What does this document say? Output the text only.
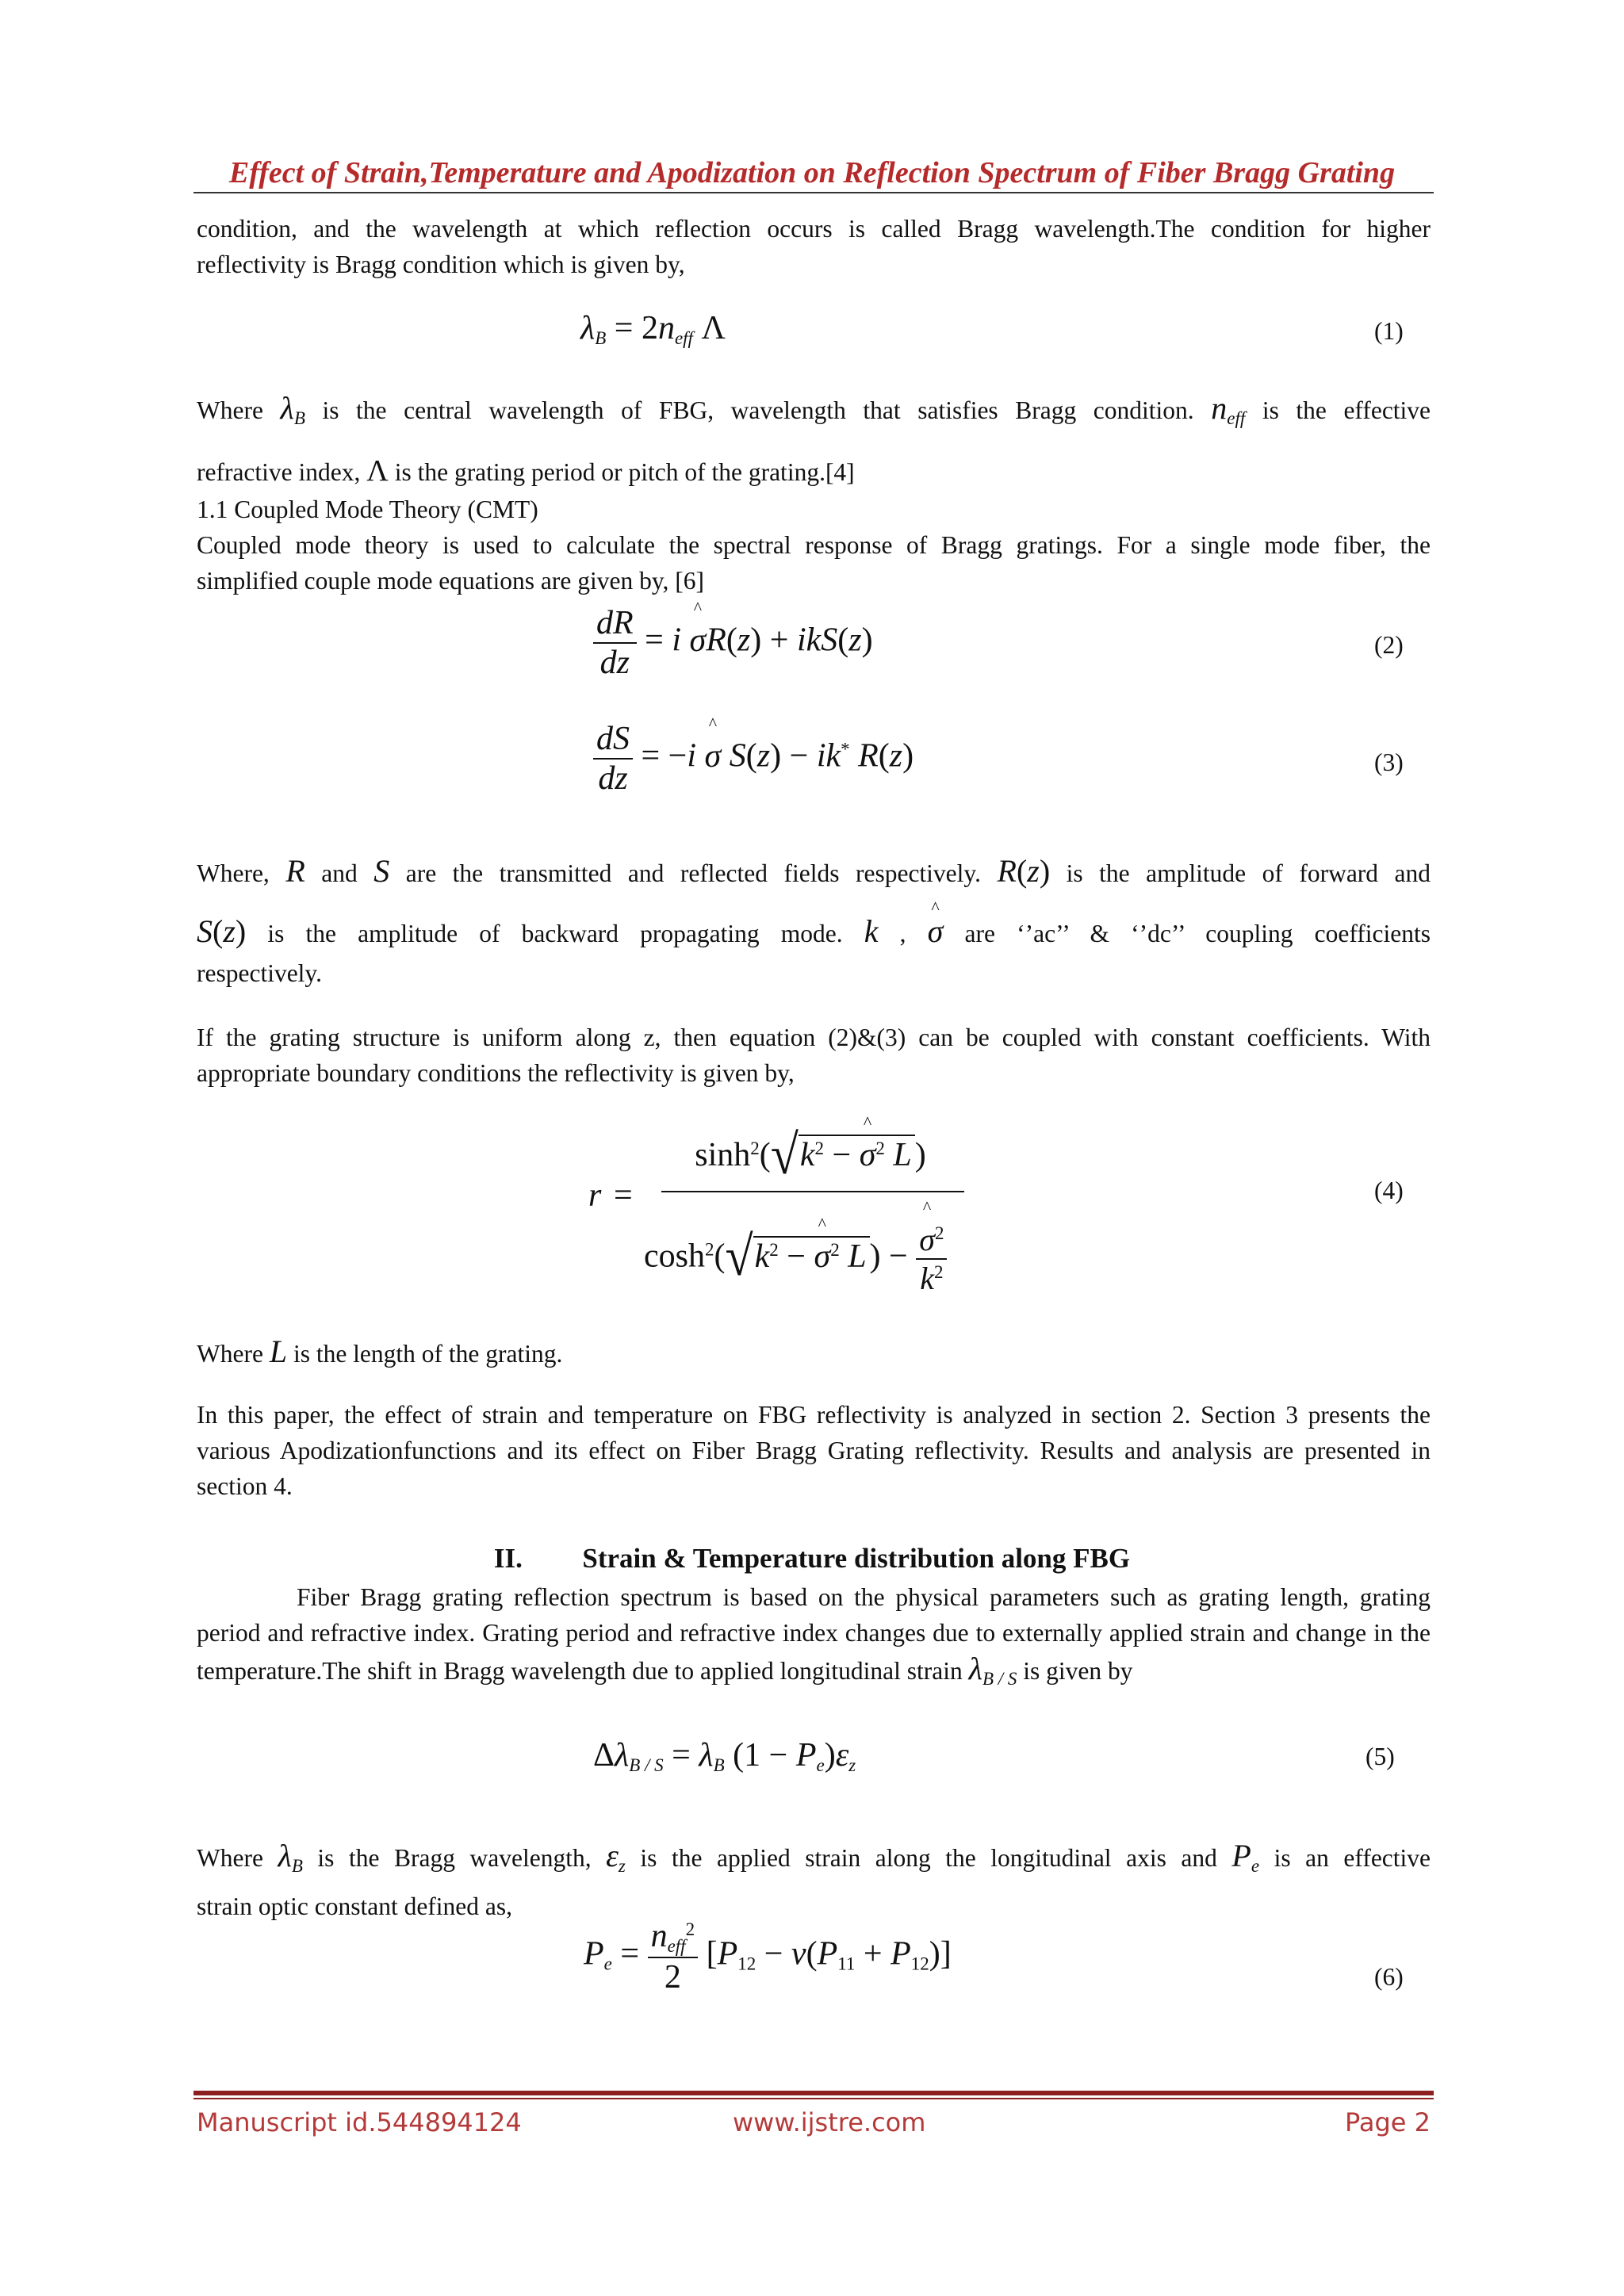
Effect of Strain,Temperature and Apodization on Reflection Spectrum of Fiber Bragg Grating
condition, and the wavelength at which reflection occurs is called Bragg wavelength.The condition for higher
reflectivity is Bragg condition which is given by,
$\lambda_B = 2n_{eff}$ Λ	(1)
Where $\lambda_B$ is the central wavelength of FBG, wavelength that satisfies Bragg condition. $n_{eff}$ is the effective
refractive index, Λ is the grating period or pitch of the grating.[4]
1.1 Coupled Mode Theory (CMT)
Coupled mode theory is used to calculate the spectral response of Bragg gratings. For a single mode fiber, the
simplified couple mode equations are given by, [6]
$\frac{dR}{dz} = i$ ^ σR(z) + ikS(z)	(2)
$\frac{dS}{dz} = -i$ ^ σ S(z) − ik* R(z)	(3)
Where, R and S are the transmitted and reflected fields respectively. R(z) is the amplitude of forward and
S(z) is the amplitude of backward propagating mode. k , ^ σ are ‘’ac’’ & ‘’dc’’ coupling coefficients
respectively.
If the grating structure is uniform along z, then equation (2)&(3) can be coupled with constant coefficients. With appropriate boundary conditions the reflectivity is given by,
r =
$\sinh^2(√k^2$ − ^ $\sigma^2$ L)
$\cosh^2(√k^2$ − ^ $\sigma^2$ L) − ^ $\frac{\sigma^2}{k^2}$
(4)
Where L is the length of the grating.
In this paper, the effect of strain and temperature on FBG reflectivity is analyzed in section 2. Section 3 presents the various Apodizationfunctions and its effect on Fiber Bragg Grating reflectivity. Results and analysis are presented in section 4.
II. Strain & Temperature distribution along FBG
Fiber Bragg grating reflection spectrum is based on the physical parameters such as grating length, grating period and refractive index. Grating period and refractive index changes due to externally applied strain and change in the temperature.The shift in Bragg wavelength due to applied longitudinal strain $\lambda_{B / S}$ is given by
$\Delta\lambda_{B / S} = \lambda_B$ $(1 - P_e)\varepsilon_z$	(5)
Where $\lambda_B$ is the Bragg wavelength, $\varepsilon_z$ is the applied strain along the longitudinal axis and $P_e$ is an effective
strain optic constant defined as,
$P_e = \frac{n_{eff}^2}{2} [P_{12} - \nu(P_{11} + P_{12})]$
(6)
Manuscript id.544894124	www.ijstre.com	Page 2
